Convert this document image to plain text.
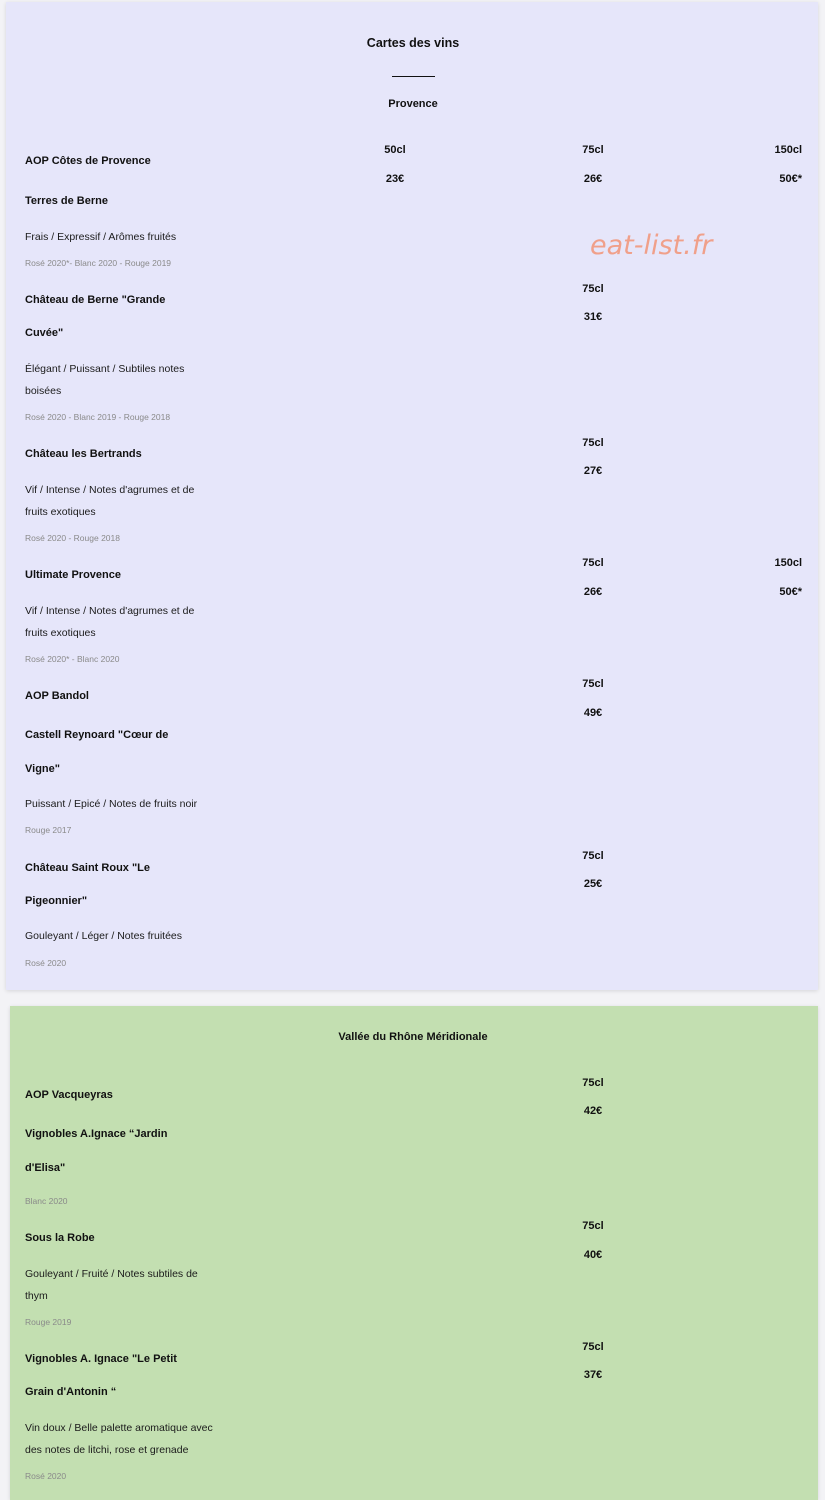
Cartes des vins
Provence
eat-list.fr
50cl	75cl	150cl
AOP Côtes de Provence
23€	26€	50€*
Terres de Berne
Frais / Expressif / Arômes fruités
Rosé 2020*- Blanc 2020 - Rouge 2019
75cl
Château de Berne "Grande
31€
Cuvée"
Élégant / Puissant / Subtiles notes
boisées
Rosé 2020 - Blanc 2019 - Rouge 2018
75cl
Château les Bertrands
27€
Vif / Intense / Notes d'agrumes et de
fruits exotiques
Rosé 2020 - Rouge 2018
75cl	150cl
Ultimate Provence
26€	50€*
Vif / Intense / Notes d'agrumes et de
fruits exotiques
Rosé 2020* - Blanc 2020
75cl
AOP Bandol
49€
Castell Reynoard "Cœur de
Vigne"
Puissant / Epicé / Notes de fruits noir
Rouge 2017
75cl
Château Saint Roux "Le
25€
Pigeonnier"
Gouleyant / Léger / Notes fruitées
Rosé 2020
Vallée du Rhône Méridionale
75cl
AOP Vacqueyras
42€
Vignobles A.Ignace “Jardin
d'Elisa"
Blanc 2020
75cl
Sous la Robe
40€
Gouleyant / Fruité / Notes subtiles de
thym
Rouge 2019
75cl
Vignobles A. Ignace "Le Petit
37€
Grain d'Antonin “
Vin doux / Belle palette aromatique avec
des notes de litchi, rose et grenade
Rosé 2020
